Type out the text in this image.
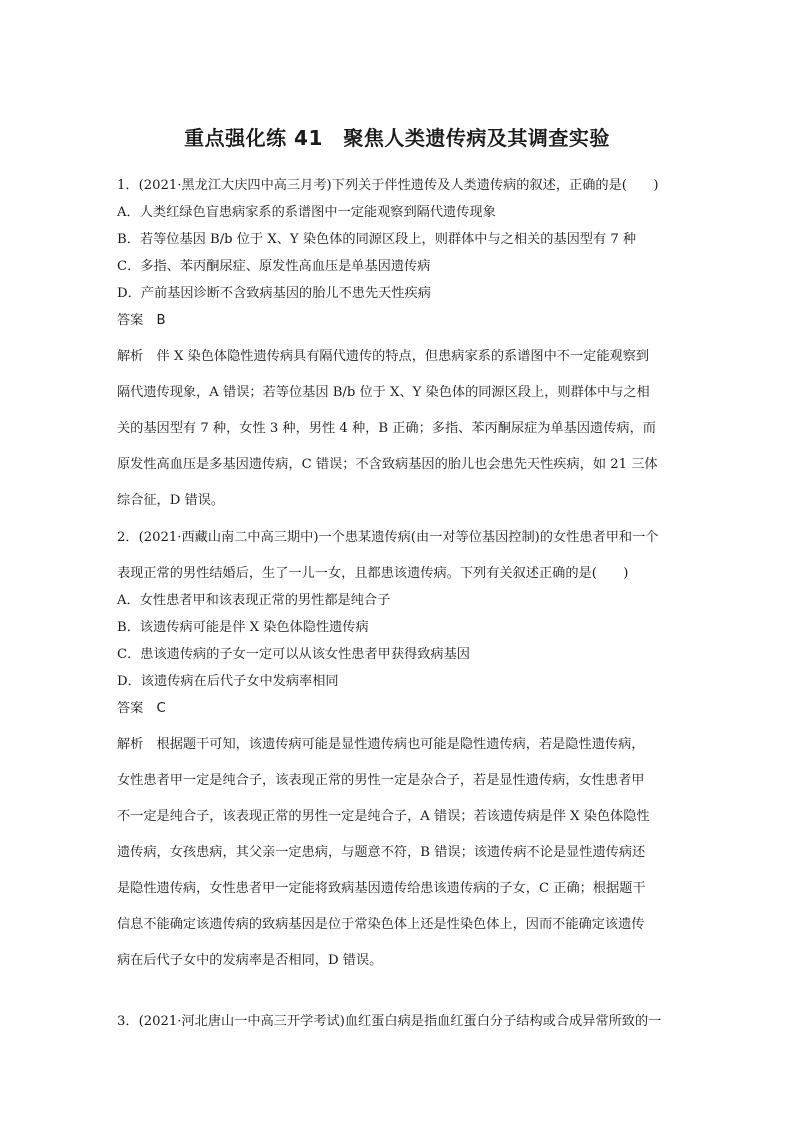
重点强化练 41　聚焦人类遗传病及其调查实验
1．(2021·黑龙江大庆四中高三月考)下列关于伴性遗传及人类遗传病的叙述，正确的是(　　)
A．人类红绿色盲患病家系的系谱图中一定能观察到隔代遗传现象
B．若等位基因 B/b 位于 X、Y 染色体的同源区段上，则群体中与之相关的基因型有 7 种
C．多指、苯丙酮尿症、原发性高血压是单基因遗传病
D．产前基因诊断不含致病基因的胎儿不患先天性疾病
答案　B
解析　伴 X 染色体隐性遗传病具有隔代遗传的特点，但患病家系的系谱图中不一定能观察到
隔代遗传现象，A 错误；若等位基因 B/b 位于 X、Y 染色体的同源区段上，则群体中与之相
关的基因型有 7 种，女性 3 种，男性 4 种，B 正确；多指、苯丙酮尿症为单基因遗传病，而
原发性高血压是多基因遗传病，C 错误；不含致病基因的胎儿也会患先天性疾病，如 21 三体
综合征，D 错误。
2．(2021·西藏山南二中高三期中)一个患某遗传病(由一对等位基因控制)的女性患者甲和一个
表现正常的男性结婚后，生了一儿一女，且都患该遗传病。下列有关叙述正确的是(　　)
A．女性患者甲和该表现正常的男性都是纯合子
B．该遗传病可能是伴 X 染色体隐性遗传病
C．患该遗传病的子女一定可以从该女性患者甲获得致病基因
D．该遗传病在后代子女中发病率相同
答案　C
解析　根据题干可知，该遗传病可能是显性遗传病也可能是隐性遗传病，若是隐性遗传病，
女性患者甲一定是纯合子，该表现正常的男性一定是杂合子，若是显性遗传病，女性患者甲
不一定是纯合子，该表现正常的男性一定是纯合子，A 错误；若该遗传病是伴 X 染色体隐性
遗传病，女孩患病，其父亲一定患病，与题意不符，B 错误；该遗传病不论是显性遗传病还
是隐性遗传病，女性患者甲一定能将致病基因遗传给患该遗传病的子女，C 正确；根据题干
信息不能确定该遗传病的致病基因是位于常染色体上还是性染色体上，因而不能确定该遗传
病在后代子女中的发病率是否相同，D 错误。
3．(2021·河北唐山一中高三开学考试)血红蛋白病是指血红蛋白分子结构或合成异常所致的一
